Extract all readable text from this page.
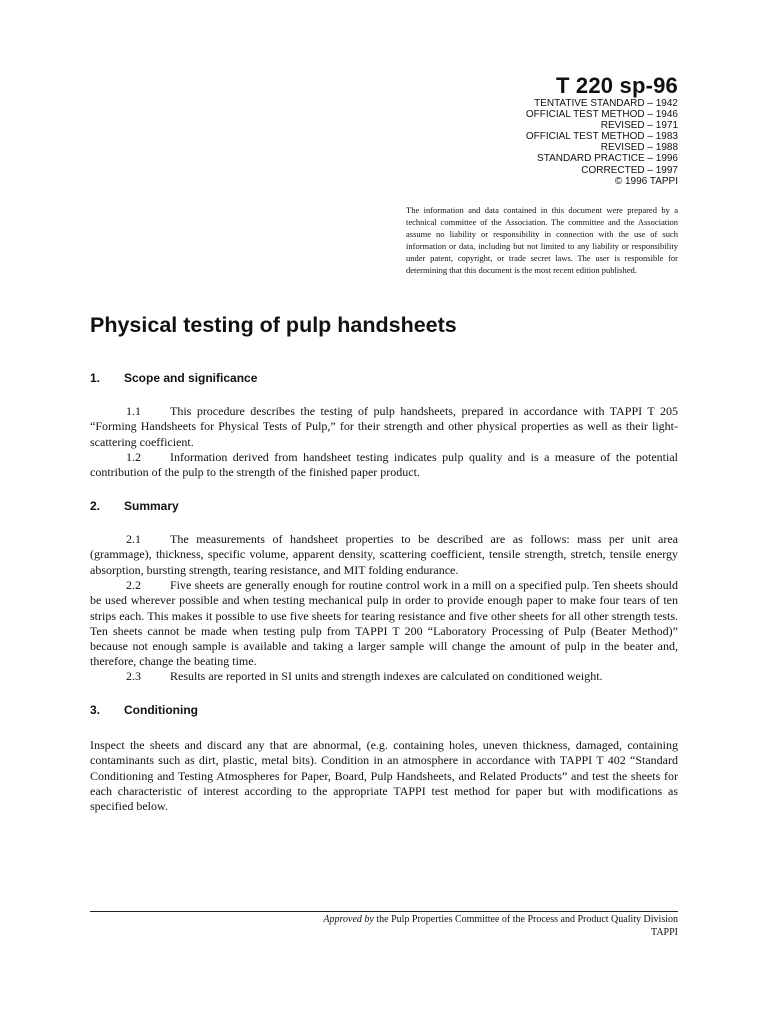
T 220 sp-96
TENTATIVE STANDARD – 1942
OFFICIAL TEST METHOD – 1946
REVISED – 1971
OFFICIAL TEST METHOD – 1983
REVISED – 1988
STANDARD PRACTICE – 1996
CORRECTED – 1997
© 1996 TAPPI
The information and data contained in this document were prepared by a technical committee of the Association. The committee and the Association assume no liability or responsibility in connection with the use of such information or data, including but not limited to any liability or responsibility under patent, copyright, or trade secret laws. The user is responsible for determining that this document is the most recent edition published.
Physical testing of pulp handsheets
1. Scope and significance
1.1 This procedure describes the testing of pulp handsheets, prepared in accordance with TAPPI T 205 “Forming Handsheets for Physical Tests of Pulp,” for their strength and other physical properties as well as their light-scattering coefficient.
1.2 Information derived from handsheet testing indicates pulp quality and is a measure of the potential contribution of the pulp to the strength of the finished paper product.
2. Summary
2.1 The measurements of handsheet properties to be described are as follows: mass per unit area (grammage), thickness, specific volume, apparent density, scattering coefficient, tensile strength, stretch, tensile energy absorption, bursting strength, tearing resistance, and MIT folding endurance.
2.2 Five sheets are generally enough for routine control work in a mill on a specified pulp. Ten sheets should be used wherever possible and when testing mechanical pulp in order to provide enough paper to make four tears of ten strips each. This makes it possible to use five sheets for tearing resistance and five other sheets for all other strength tests. Ten sheets cannot be made when testing pulp from TAPPI T 200 “Laboratory Processing of Pulp (Beater Method)” because not enough sample is available and taking a larger sample will change the amount of pulp in the beater and, therefore, change the beating time.
2.3 Results are reported in SI units and strength indexes are calculated on conditioned weight.
3. Conditioning
Inspect the sheets and discard any that are abnormal, (e.g. containing holes, uneven thickness, damaged, containing contaminants such as dirt, plastic, metal bits). Condition in an atmosphere in accordance with TAPPI T 402 “Standard Conditioning and Testing Atmospheres for Paper, Board, Pulp Handsheets, and Related Products” and test the sheets for each characteristic of interest according to the appropriate TAPPI test method for paper but with modifications as specified below.
Approved by the Pulp Properties Committee of the Process and Product Quality Division
TAPPI
